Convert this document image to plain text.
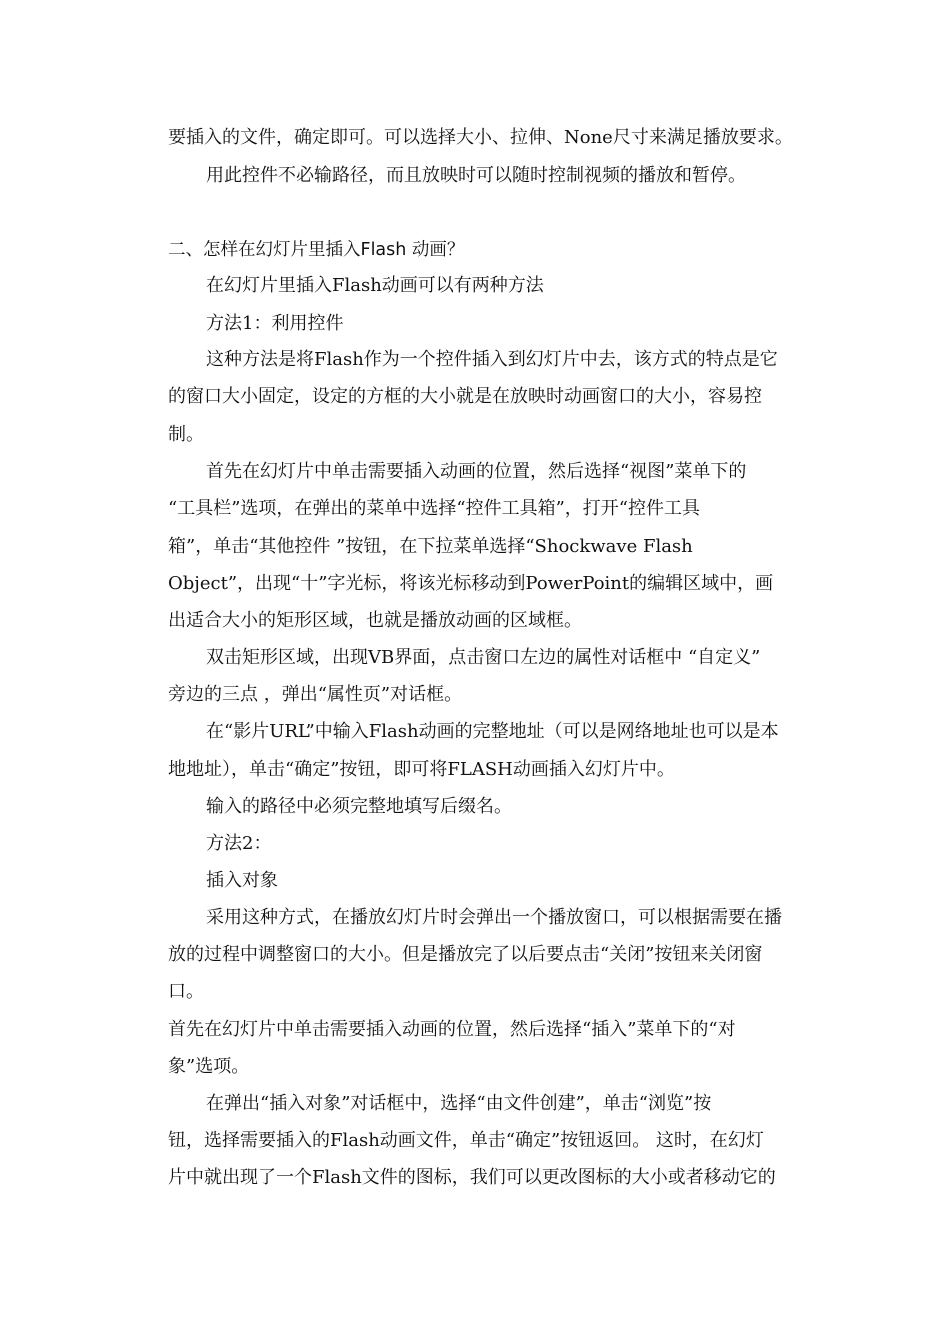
要插入的文件，确定即可。可以选择大小、拉伸、None尺寸来满足播放要求。
用此控件不必输路径，而且放映时可以随时控制视频的播放和暂停。
二、怎样在幻灯片里插入Flash 动画？
在幻灯片里插入Flash动画可以有两种方法
方法1：利用控件
这种方法是将Flash作为一个控件插入到幻灯片中去，该方式的特点是它
的窗口大小固定，设定的方框的大小就是在放映时动画窗口的大小，容易控
制。
首先在幻灯片中单击需要插入动画的位置，然后选择“视图”菜单下的
“工具栏”选项，在弹出的菜单中选择“控件工具箱”，打开“控件工具
箱”，单击“其他控件 ”按钮，在下拉菜单选择“Shockwave Flash
Object”，出现“十”字光标，将该光标移动到PowerPoint的编辑区域中，画
出适合大小的矩形区域，也就是播放动画的区域框。
双击矩形区域，出现VB界面，点击窗口左边的属性对话框中 “自定义”
旁边的三点 ，弹出“属性页”对话框。
在“影片URL”中输入Flash动画的完整地址（可以是网络地址也可以是本
地地址），单击“确定”按钮，即可将FLASH动画插入幻灯片中。
输入的路径中必须完整地填写后缀名。
方法2：
插入对象
采用这种方式，在播放幻灯片时会弹出一个播放窗口，可以根据需要在播
放的过程中调整窗口的大小。但是播放完了以后要点击“关闭”按钮来关闭窗
口。
首先在幻灯片中单击需要插入动画的位置，然后选择“插入”菜单下的“对
象”选项。
在弹出“插入对象”对话框中，选择“由文件创建”，单击“浏览”按
钮，选择需要插入的Flash动画文件，单击“确定”按钮返回。 这时，在幻灯
片中就出现了一个Flash文件的图标，我们可以更改图标的大小或者移动它的
